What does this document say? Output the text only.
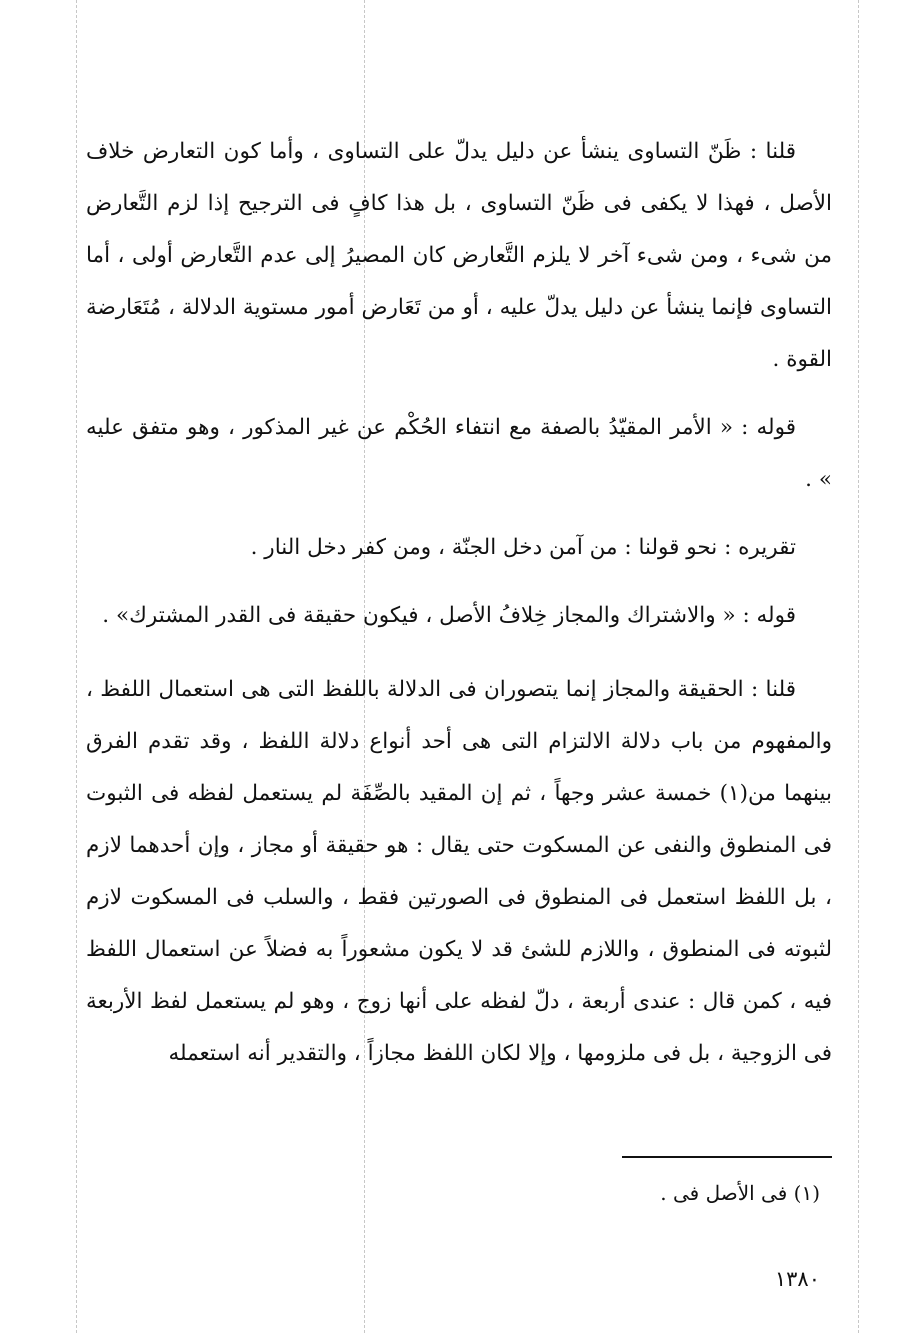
قلنا : ظَنّ التساوى ينشأ عن دليل يدلّ على التساوى ، وأما كون التعارض خلاف الأصل ، فهذا لا يكفى فى ظَنّ التساوى ، بل هذا كافٍ فى الترجيح إذا لزم التَّعارض من شىء ، ومن شىء آخر لا يلزم التَّعارض كان المصيرُ إلى عدم التَّعارض أولى ، أما التساوى فإنما ينشأ عن دليل يدلّ عليه ، أو من تَعَارض أمور مستوية الدلالة ، مُتَعَارضة القوة .

قوله : « الأمر المقيّدُ بالصفة مع انتفاء الحُكْم عن غير المذكور ، وهو متفق عليه » .

تقريره : نحو قولنا : من آمن دخل الجنّة ، ومن كفر دخل النار .

قوله : « والاشتراك والمجاز خِلافُ الأصل ، فيكون حقيقة فى القدر المشترك» .

قلنا : الحقيقة والمجاز إنما يتصوران فى الدلالة باللفظ التى هى استعمال اللفظ ، والمفهوم من باب دلالة الالتزام التى هى أحد أنواع دلالة اللفظ ، وقد تقدم الفرق بينهما من(١) خمسة عشر وجهاً ، ثم إن المقيد بالصِّفَة لم يستعمل لفظه فى الثبوت فى المنطوق والنفى عن المسكوت حتى يقال : هو حقيقة أو مجاز ، وإن أحدهما لازم ، بل اللفظ استعمل فى المنطوق فى الصورتين فقط ، والسلب فى المسكوت لازم لثبوته فى المنطوق ، واللازم للشئ قد لا يكون مشعوراً به فضلاً عن استعمال اللفظ فيه ، كمن قال : عندى أربعة ، دلّ لفظه على أنها زوج ، وهو لم يستعمل لفظ الأربعة فى الزوجية ، بل فى ملزومها ، وإلا لكان اللفظ مجازاً ، والتقدير أنه استعمله

(١) فى الأصل فى .
١٣٨٠
